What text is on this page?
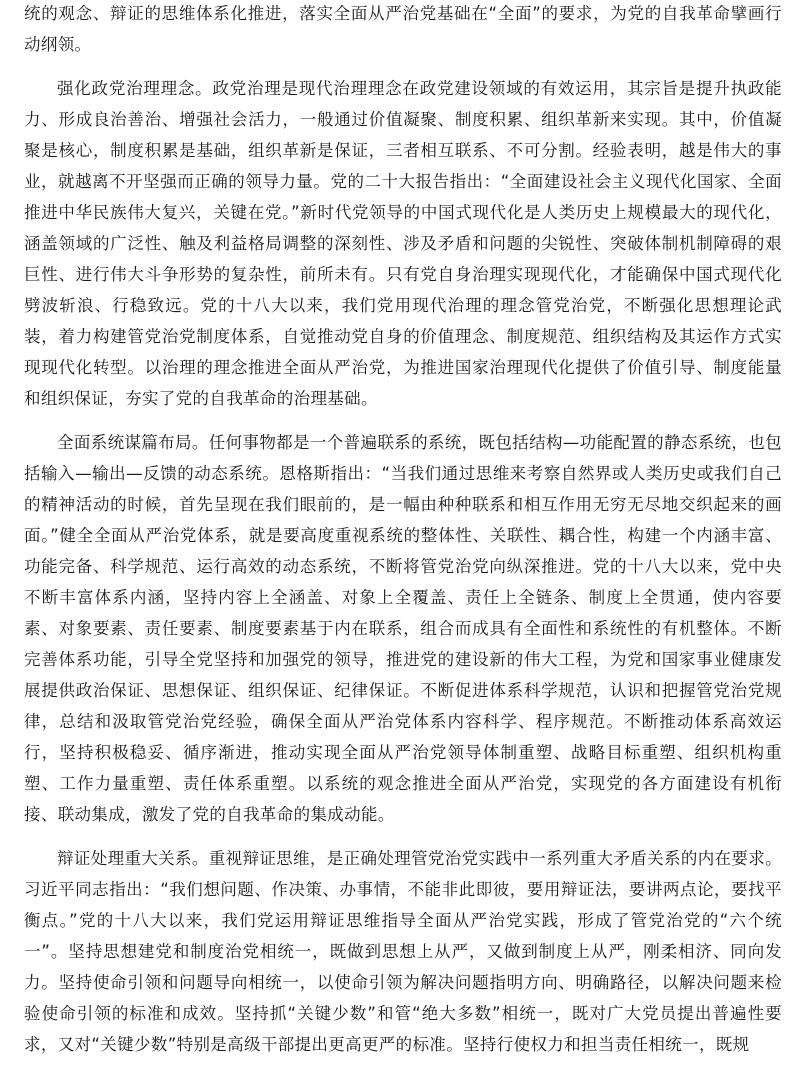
统的观念、辩证的思维体系化推进，落实全面从严治党基础在“全面”的要求，为党的自我革命擘画行动纲领。

强化政党治理理念。政党治理是现代治理理念在政党建设领域的有效运用，其宗旨是提升执政能力、形成良治善治、增强社会活力，一般通过价值凝聚、制度积累、组织革新来实现。其中，价值凝聚是核心，制度积累是基础，组织革新是保证，三者相互联系、不可分割。经验表明，越是伟大的事业，就越离不开坚强而正确的领导力量。党的二十大报告指出：“全面建设社会主义现代化国家、全面推进中华民族伟大复兴，关键在党。”新时代党领导的中国式现代化是人类历史上规模最大的现代化，涵盖领域的广泛性、触及利益格局调整的深刻性、涉及矛盾和问题的尖锐性、突破体制机制障碍的艰巨性、进行伟大斗争形势的复杂性，前所未有。只有党自身治理实现现代化，才能确保中国式现代化劈波斩浪、行稳致远。党的十八大以来，我们党用现代治理的理念管党治党，不断强化思想理论武装，着力构建管党治党制度体系，自觉推动党自身的价值理念、制度规范、组织结构及其运作方式实现现代化转型。以治理的理念推进全面从严治党，为推进国家治理现代化提供了价值引导、制度能量和组织保证，夯实了党的自我革命的治理基础。

全面系统谋篇布局。任何事物都是一个普遍联系的系统，既包括结构—功能配置的静态系统，也包括输入—输出—反馈的动态系统。恩格斯指出：“当我们通过思维来考察自然界或人类历史或我们自己的精神活动的时候，首先呈现在我们眼前的，是一幅由种种联系和相互作用无穷无尽地交织起来的画面。”健全全面从严治党体系，就是要高度重视系统的整体性、关联性、耦合性，构建一个内涵丰富、功能完备、科学规范、运行高效的动态系统，不断将管党治党向纵深推进。党的十八大以来，党中央不断丰富体系内涵，坚持内容上全涵盖、对象上全覆盖、责任上全链条、制度上全贯通，使内容要素、对象要素、责任要素、制度要素基于内在联系，组合而成具有全面性和系统性的有机整体。不断完善体系功能，引导全党坚持和加强党的领导，推进党的建设新的伟大工程，为党和国家事业健康发展提供政治保证、思想保证、组织保证、纪律保证。不断促进体系科学规范，认识和把握管党治党规律，总结和汲取管党治党经验，确保全面从严治党体系内容科学、程序规范。不断推动体系高效运行，坚持积极稳妥、循序渐进，推动实现全面从严治党领导体制重塑、战略目标重塑、组织机构重塑、工作力量重塑、责任体系重塑。以系统的观念推进全面从严治党，实现党的各方面建设有机衔接、联动集成，激发了党的自我革命的集成动能。

辩证处理重大关系。重视辩证思维，是正确处理管党治党实践中一系列重大矛盾关系的内在要求。习近平同志指出：“我们想问题、作决策、办事情，不能非此即彼，要用辩证法，要讲两点论，要找平衡点。”党的十八大以来，我们党运用辩证思维指导全面从严治党实践，形成了管党治党的“六个统一”。坚持思想建党和制度治党相统一，既做到思想上从严，又做到制度上从严，刚柔相济、同向发力。坚持使命引领和问题导向相统一，以使命引领为解决问题指明方向、明确路径，以解决问题来检验使命引领的标准和成效。坚持抓“关键少数”和管“绝大多数”相统一，既对广大党员提出普遍性要求，又对“关键少数”特别是高级干部提出更高更严的标准。坚持行使权力和担当责任相统一，既规
